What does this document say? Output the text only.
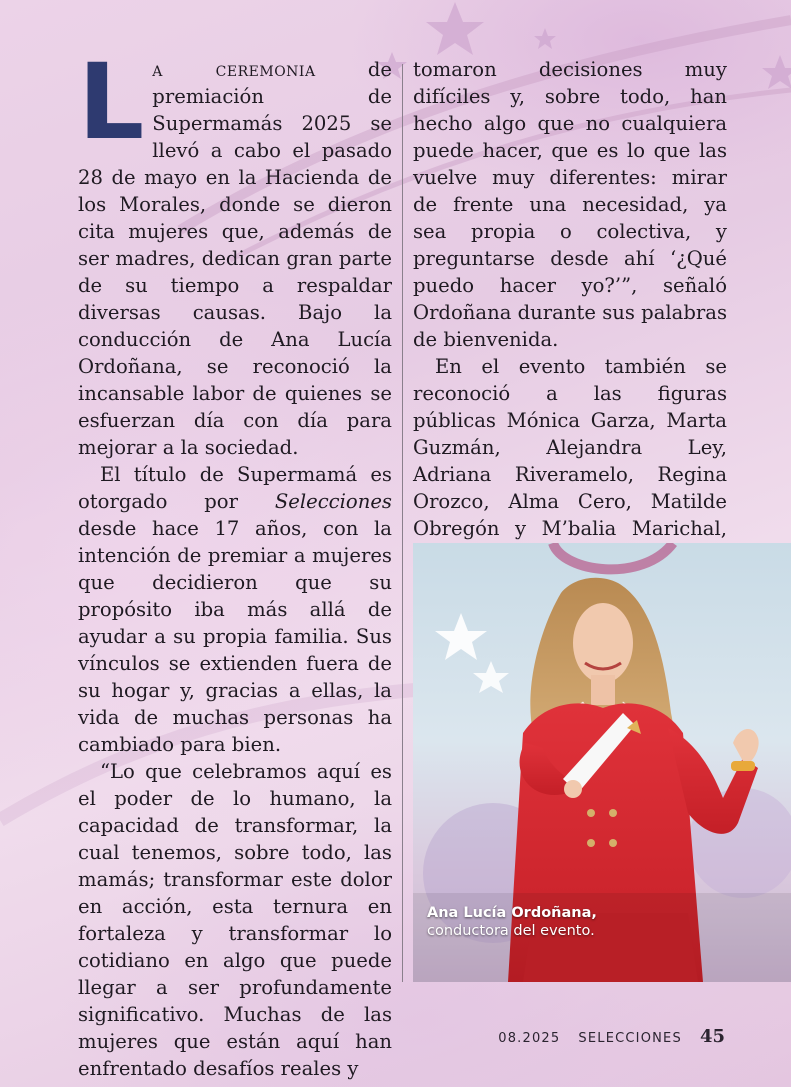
La ceremonia de premiación de Supermamás 2025 se llevó a cabo el pasado 28 de mayo en la Hacienda de los Morales, donde se dieron cita mujeres que, además de ser madres, dedican gran parte de su tiempo a respaldar diversas causas. Bajo la conducción de Ana Lucía Ordoñana, se reconoció la incansable labor de quienes se esfuerzan día con día para mejorar a la sociedad.

El título de Supermamá es otorgado por Selecciones desde hace 17 años, con la intención de premiar a mujeres que decidieron que su propósito iba más allá de ayudar a su propia familia. Sus vínculos se extienden fuera de su hogar y, gracias a ellas, la vida de muchas personas ha cambiado para bien.

“Lo que celebramos aquí es el poder de lo humano, la capacidad de transformar, la cual tenemos, sobre todo, las mamás; transformar este dolor en acción, esta ternura en fortaleza y transformar lo cotidiano en algo que puede llegar a ser profundamente significativo. Muchas de las mujeres que están aquí han enfrentado desafíos reales y

tomaron decisiones muy difíciles y, sobre todo, han hecho algo que no cualquiera puede hacer, que es lo que las vuelve muy diferentes: mirar de frente una necesidad, ya sea propia o colectiva, y preguntarse desde ahí ‘¿Qué puedo hacer yo?’”, señaló Ordoñana durante sus palabras de bienvenida.

En el evento también se reconoció a las figuras públicas Mónica Garza, Marta Guzmán, Alejandra Ley, Adriana Riveramelo, Regina Orozco, Alma Cero, Matilde Obregón y M’balia Marichal,

Ana Lucía Ordoñana,
conductora del evento.
08.2025 SELECCIONES 45
